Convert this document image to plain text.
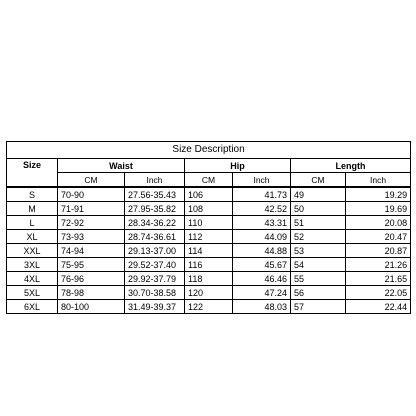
Size Description						
Size	Waist		Hip		Length	
	CM	Inch	CM	Inch	CM	Inch
S	70-90	27.56-35.43	106	41.73	49	19.29
M	71-91	27.95-35.82	108	42.52	50	19.69
L	72-92	28.34-36.22	110	43.31	51	20.08
XL	73-93	28.74-36.61	112	44.09	52	20.47
XXL	74-94	29.13-37.00	114	44.88	53	20.87
3XL	75-95	29.52-37.40	116	45.67	54	21.26
4XL	76-96	29.92-37.79	118	46.46	55	21.65
5XL	78-98	30.70-38.58	120	47.24	56	22.05
6XL	80-100	31.49-39.37	122	48.03	57	22.44
